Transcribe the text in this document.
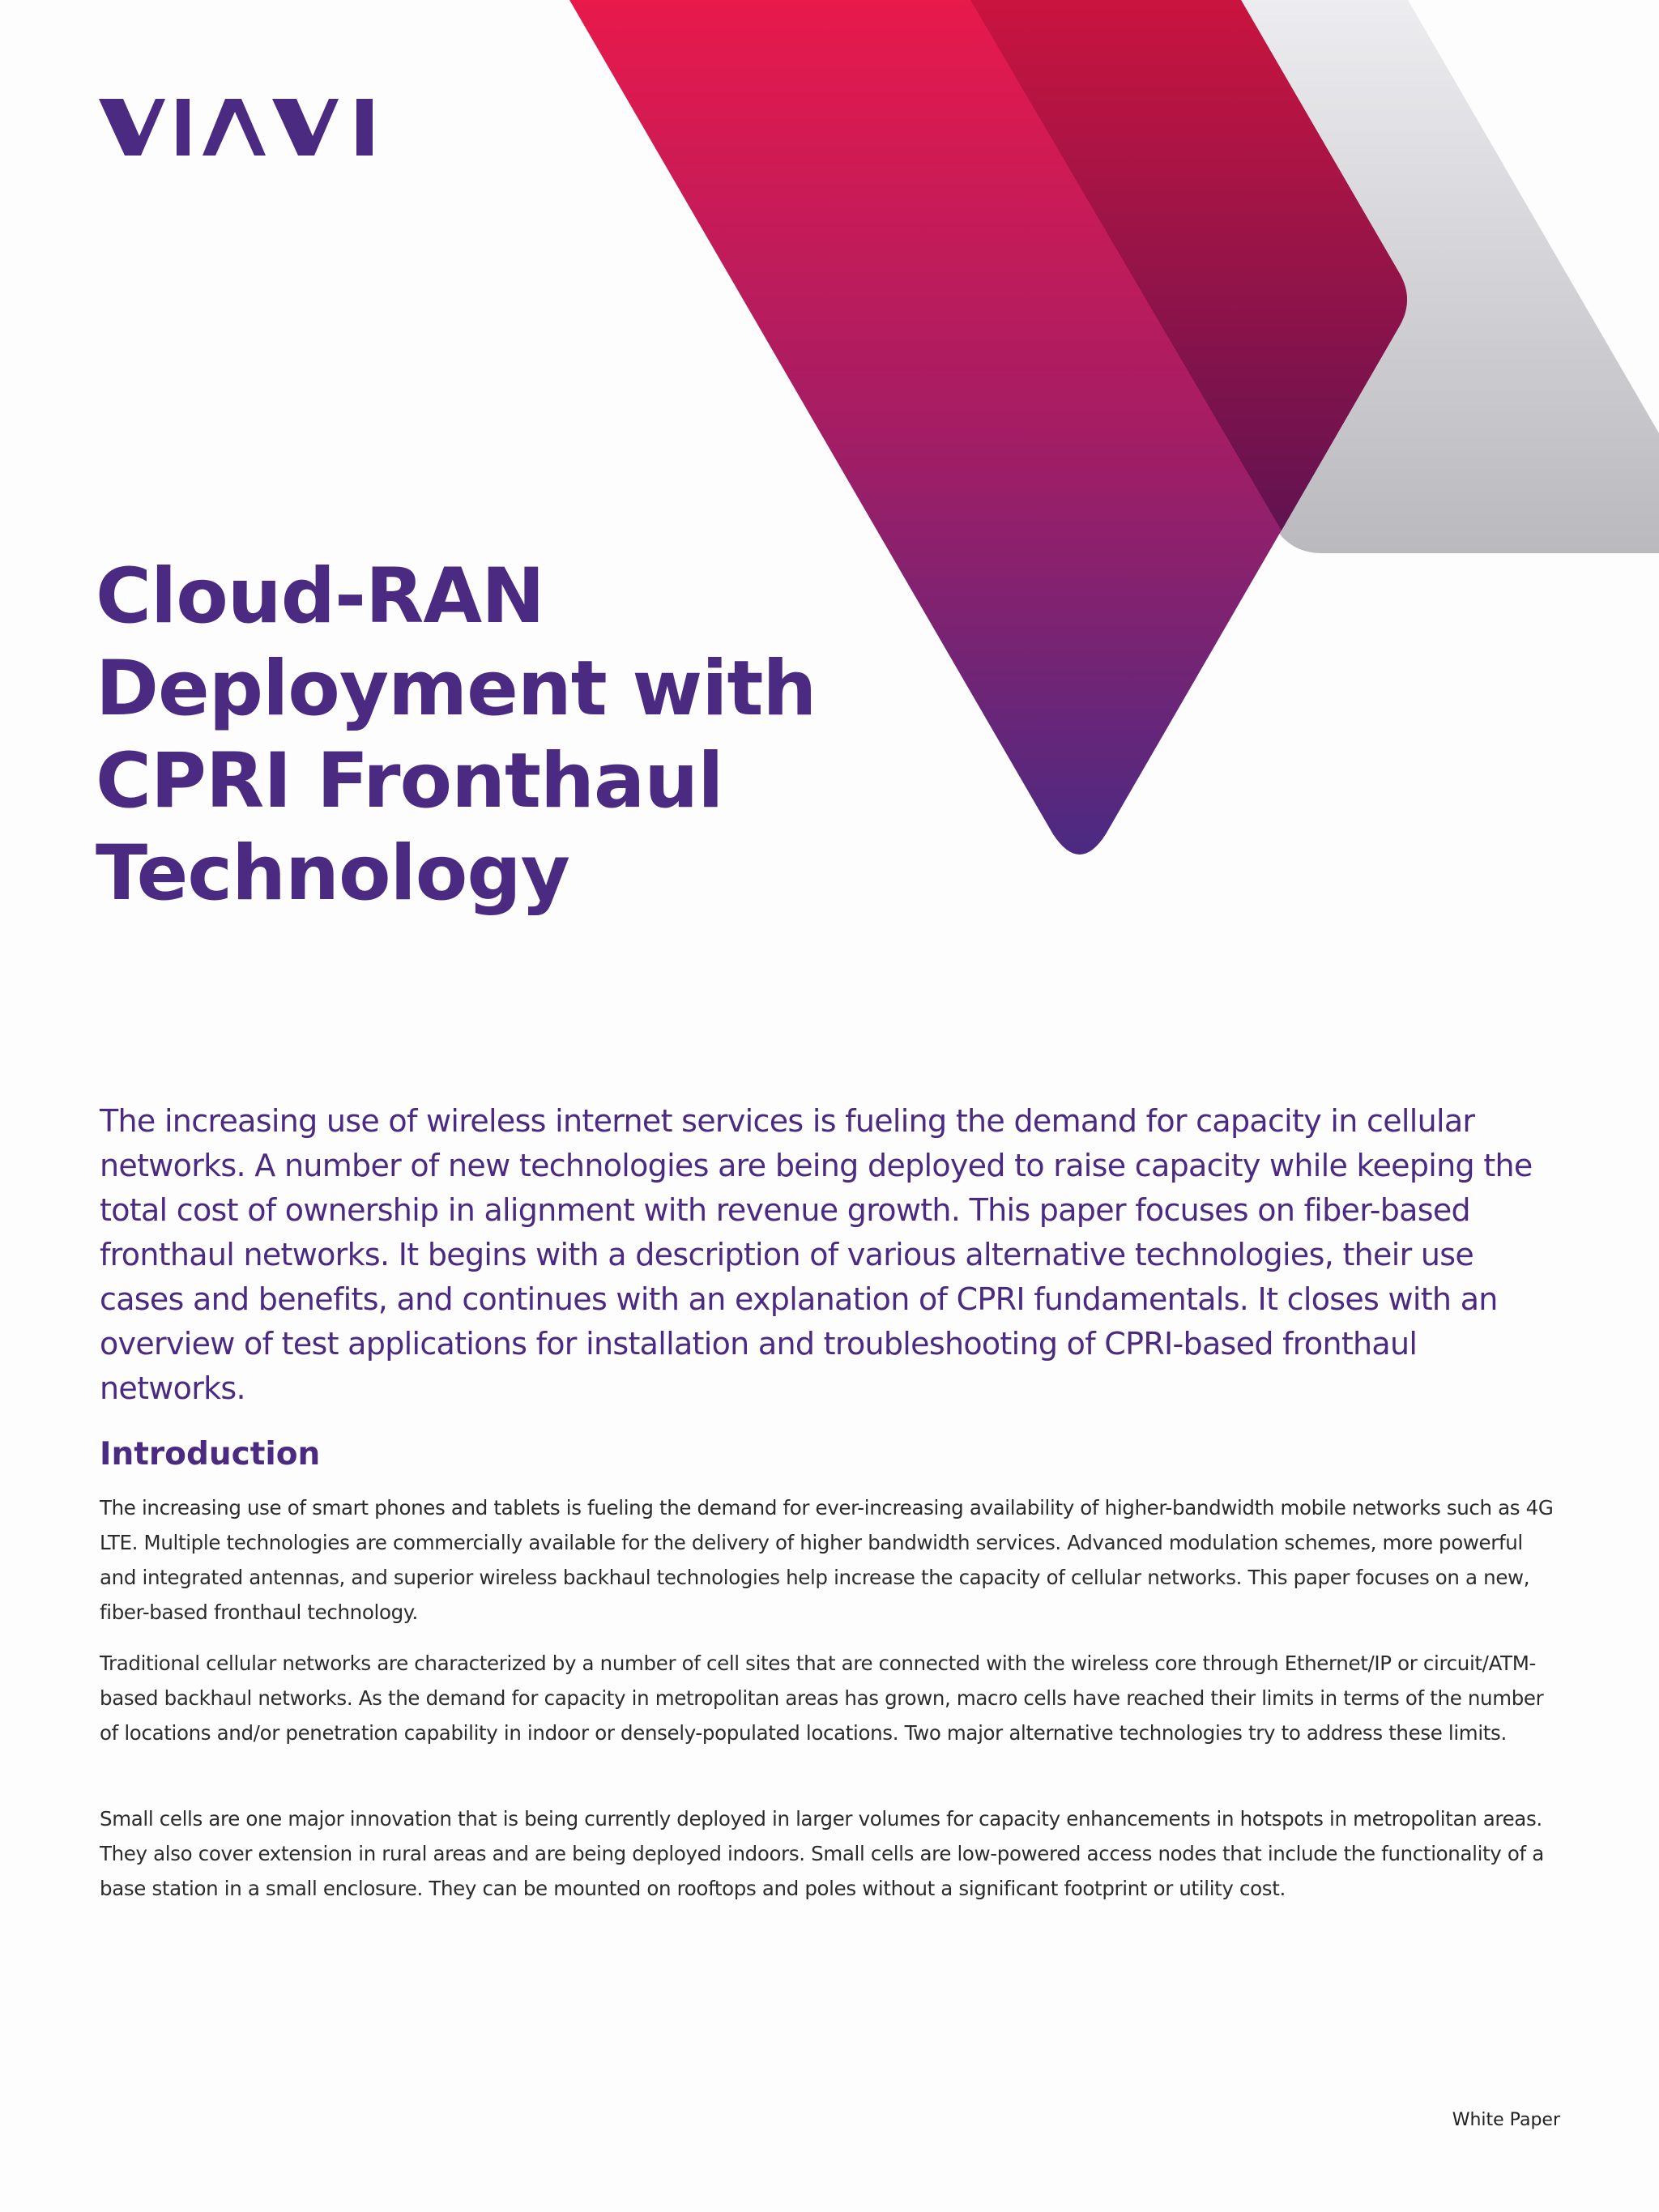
Cloud-RAN
Deployment with
CPRI Fronthaul
Technology

The increasing use of wireless internet services is fueling the demand for capacity in cellular networks. A number of new technologies are being deployed to raise capacity while keeping the total cost of ownership in alignment with revenue growth. This paper focuses on fiber-based fronthaul networks. It begins with a description of various alternative technologies, their use cases and benefits, and continues with an explanation of CPRI fundamentals. It closes with an overview of test applications for installation and troubleshooting of CPRI-based fronthaul networks.

Introduction

The increasing use of smart phones and tablets is fueling the demand for ever-increasing availability of higher-bandwidth mobile networks such as 4G LTE. Multiple technologies are commercially available for the delivery of higher bandwidth services. Advanced modulation schemes, more powerful and integrated antennas, and superior wireless backhaul technologies help increase the capacity of cellular networks. This paper focuses on a new, fiber-based fronthaul technology.

Traditional cellular networks are characterized by a number of cell sites that are connected with the wireless core through Ethernet/IP or circuit/ATM-based backhaul networks. As the demand for capacity in metropolitan areas has grown, macro cells have reached their limits in terms of the number of locations and/or penetration capability in indoor or densely-populated locations. Two major alternative technologies try to address these limits.

Small cells are one major innovation that is being currently deployed in larger volumes for capacity enhancements in hotspots in metropolitan areas. They also cover extension in rural areas and are being deployed indoors. Small cells are low-powered access nodes that include the functionality of a base station in a small enclosure. They can be mounted on rooftops and poles without a significant footprint or utility cost.

White Paper
